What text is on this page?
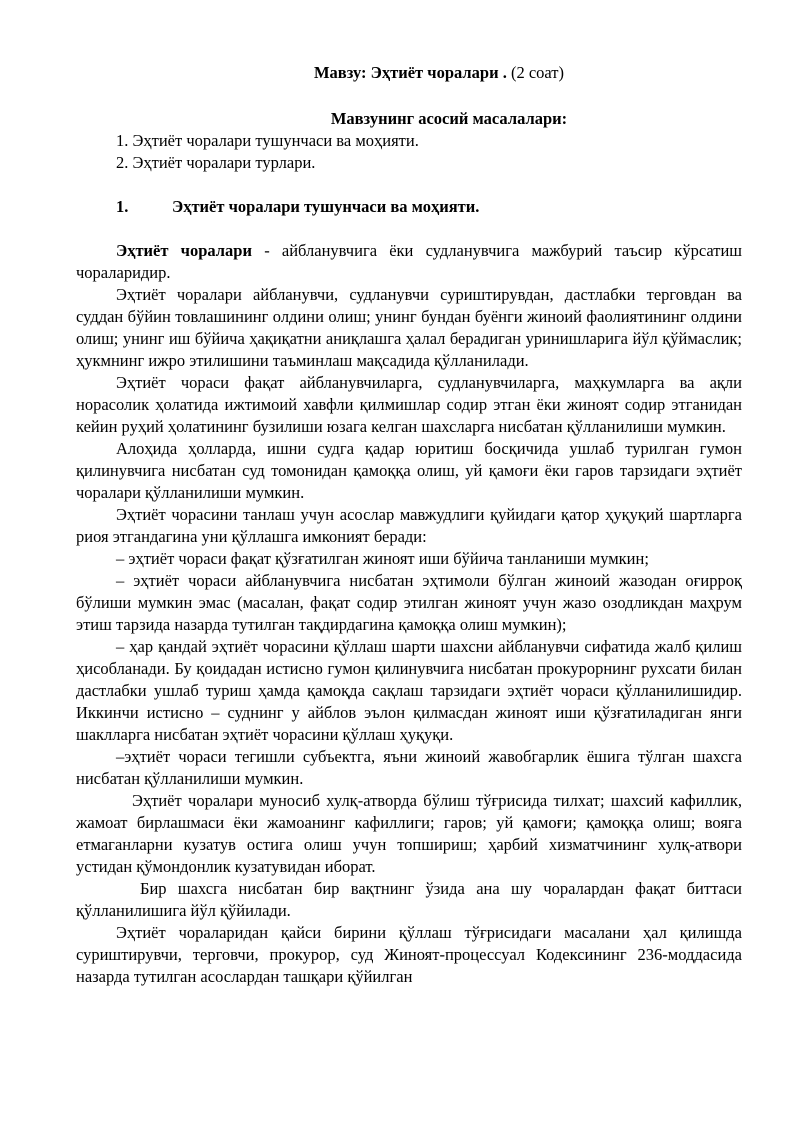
Мавзу: Эҳтиёт чоралари . (2 соат)
Мавзунинг асосий масалалари:
1. Эҳтиёт чоралари тушунчаси ва моҳияти.
2. Эҳтиёт чоралари турлари.
1.	Эҳтиёт чоралари тушунчаси ва моҳияти.

Эҳтиёт чоралари - айбланувчига ёки судланувчига мажбурий таъсир кўрсатиш чораларидир.

Эҳтиёт чоралари айбланувчи, судланувчи суриштирувдан, дастлабки терговдан ва суддан бўйин товлашининг олдини олиш; унинг бундан буёнги жиноий фаолиятининг олдини олиш; унинг иш бўйича ҳақиқатни аниқлашга ҳалал берадиган уринишларига йўл қўймаслик; ҳукмнинг ижро этилишини таъминлаш мақсадида қўлланилади.

Эҳтиёт чораси фақат айбланувчиларга, судланувчиларга, маҳкумларга ва ақли норасолик ҳолатида ижтимоий хавфли қилмишлар содир этган ёки жиноят содир этганидан кейин руҳий ҳолатининг бузилиши юзага келган шахсларга нисбатан қўлланилиши мумкин.

Алоҳида ҳолларда, ишни судга қадар юритиш босқичида ушлаб турилган гумон қилинувчига нисбатан суд томонидан қамоққа олиш, уй қамоғи ёки гаров тарзидаги эҳтиёт чоралари қўлланилиши мумкин.

Эҳтиёт чорасини танлаш учун асослар мавжудлиги қуйидаги қатор ҳуқуқий шартларга риоя этгандагина уни қўллашга имконият беради:

– эҳтиёт чораси фақат қўзғатилган жиноят иши бўйича танланиши мумкин;

– эҳтиёт чораси айбланувчига нисбатан эҳтимоли бўлган жиноий жазодан оғирроқ бўлиши мумкин эмас (масалан, фақат содир этилган жиноят учун жазо озодликдан маҳрум этиш тарзида назарда тутилган тақдирдагина қамоққа олиш мумкин);

– ҳар қандай эҳтиёт чорасини қўллаш шарти шахсни айбланувчи сифатида жалб қилиш ҳисобланади. Бу қоидадан истисно гумон қилинувчига нисбатан прокурорнинг рухсати билан дастлабки ушлаб туриш ҳамда қамоқда сақлаш тарзидаги эҳтиёт чораси қўлланилишидир. Иккинчи истисно – суднинг у айблов эълон қилмасдан жиноят иши қўзғатиладиган янги шаклларга нисбатан эҳтиёт чорасини қўллаш ҳуқуқи.

–эҳтиёт чораси тегишли субъектга, яъни жиноий жавобгарлик ёшига тўлган шахсга нисбатан қўлланилиши мумкин.

Эҳтиёт чоралари муносиб хулқ-атворда бўлиш тўғрисида тилхат; шахсий кафиллик, жамоат бирлашмаси ёки жамоанинг кафиллиги; гаров; уй қамоғи; қамоққа олиш; вояга етмаганларни кузатув остига олиш учун топшириш; ҳарбий хизматчининг хулқ-атвори устидан қўмондонлик кузатувидан иборат.

Бир шахсга нисбатан бир вақтнинг ўзида ана шу чоралардан фақат биттаси қўлланилишига йўл қўйилади.

Эҳтиёт чораларидан қайси бирини қўллаш тўғрисидаги масалани ҳал қилишда суриштирувчи, терговчи, прокурор, суд Жиноят-процессуал Кодексининг 236-моддасида назарда тутилган асослардан ташқари қўйилган
